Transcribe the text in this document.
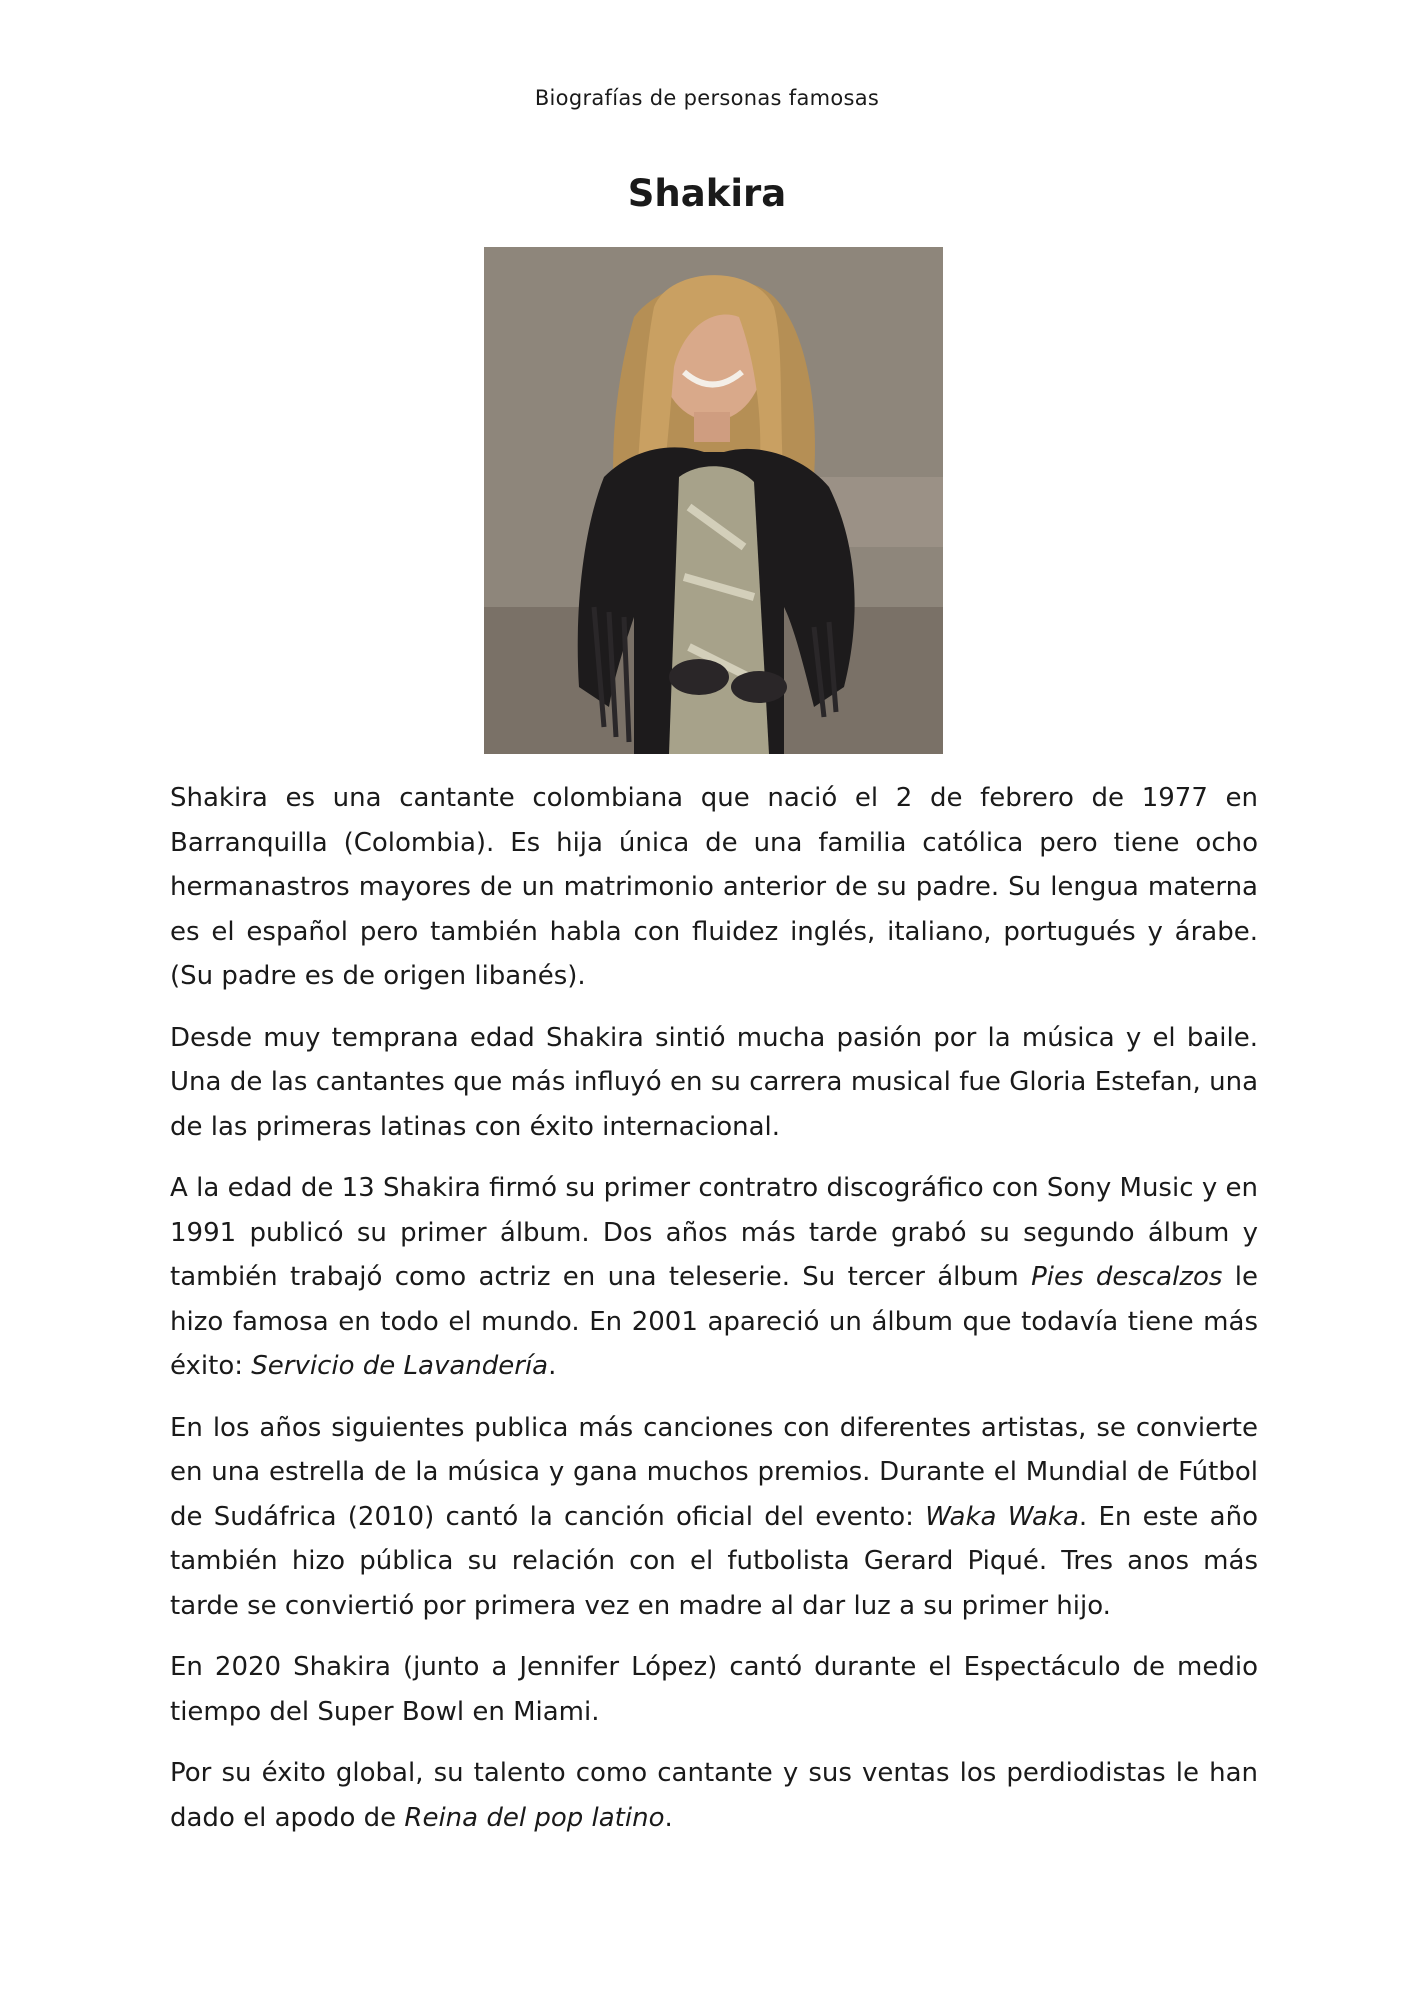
Biografías de personas famosas
Shakira

Shakira es una cantante colombiana que nació el 2 de febrero de 1977 en Barranquilla (Colombia). Es hija única de una familia católica pero tiene ocho hermanastros mayores de un matrimonio anterior de su padre. Su lengua materna es el español pero también habla con fluidez inglés, italiano, portugués y árabe. (Su padre es de origen libanés).

Desde muy temprana edad Shakira sintió mucha pasión por la música y el baile. Una de las cantantes que más influyó en su carrera musical fue Gloria Estefan, una de las primeras latinas con éxito internacional.

A la edad de 13 Shakira firmó su primer contratro discográfico con Sony Music y en 1991 publicó su primer álbum. Dos años más tarde grabó su segundo álbum y también trabajó como actriz en una teleserie. Su tercer álbum Pies descalzos le hizo famosa en todo el mundo. En 2001 apareció un álbum que todavía tiene más éxito: Servicio de Lavandería.

En los años siguientes publica más canciones con diferentes artistas, se convierte en una estrella de la música y gana muchos premios. Durante el Mundial de Fútbol de Sudáfrica (2010) cantó la canción oficial del evento: Waka Waka. En este año también hizo pública su relación con el futbolista Gerard Piqué. Tres anos más tarde se conviertió por primera vez en madre al dar luz a su primer hijo.

En 2020 Shakira (junto a Jennifer López) cantó durante el Espectáculo de medio tiempo del Super Bowl en Miami.

Por su éxito global, su talento como cantante y sus ventas los perdiodistas le han dado el apodo de Reina del pop latino.
